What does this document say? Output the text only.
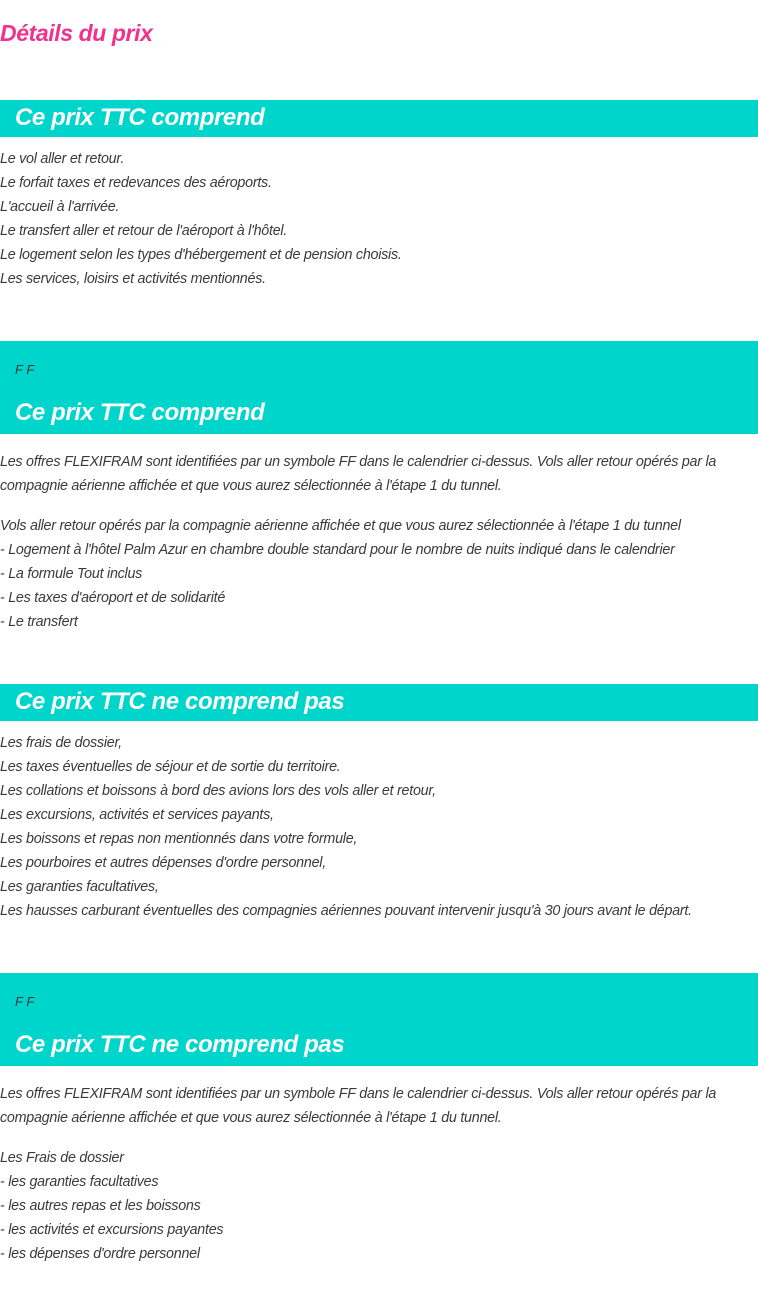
Détails du prix
Ce prix TTC comprend
Le vol aller et retour.
Le forfait taxes et redevances des aéroports.
L'accueil à l'arrivée.
Le transfert aller et retour de l'aéroport à l'hôtel.
Le logement selon les types d'hébergement et de pension choisis.
Les services, loisirs et activités mentionnés.
F F
Ce prix TTC comprend
Les offres FLEXIFRAM sont identifiées par un symbole FF dans le calendrier ci-dessus. Vols aller retour opérés par la compagnie aérienne affichée et que vous aurez sélectionnée à l'étape 1 du tunnel.
Vols aller retour opérés par la compagnie aérienne affichée et que vous aurez sélectionnée à l'étape 1 du tunnel
- Logement à l'hôtel Palm Azur en chambre double standard pour le nombre de nuits indiqué dans le calendrier
- La formule Tout inclus
- Les taxes d'aéroport et de solidarité
- Le transfert
Ce prix TTC ne comprend pas
Les frais de dossier,
Les taxes éventuelles de séjour et de sortie du territoire.
Les collations et boissons à bord des avions lors des vols aller et retour,
Les excursions, activités et services payants,
Les boissons et repas non mentionnés dans votre formule,
Les pourboires et autres dépenses d'ordre personnel,
Les garanties facultatives,
Les hausses carburant éventuelles des compagnies aériennes pouvant intervenir jusqu'à 30 jours avant le départ.
F F
Ce prix TTC ne comprend pas
Les offres FLEXIFRAM sont identifiées par un symbole FF dans le calendrier ci-dessus. Vols aller retour opérés par la compagnie aérienne affichée et que vous aurez sélectionnée à l'étape 1 du tunnel.
Les Frais de dossier
- les garanties facultatives
- les autres repas et les boissons
- les activités et excursions payantes
- les dépenses d'ordre personnel
